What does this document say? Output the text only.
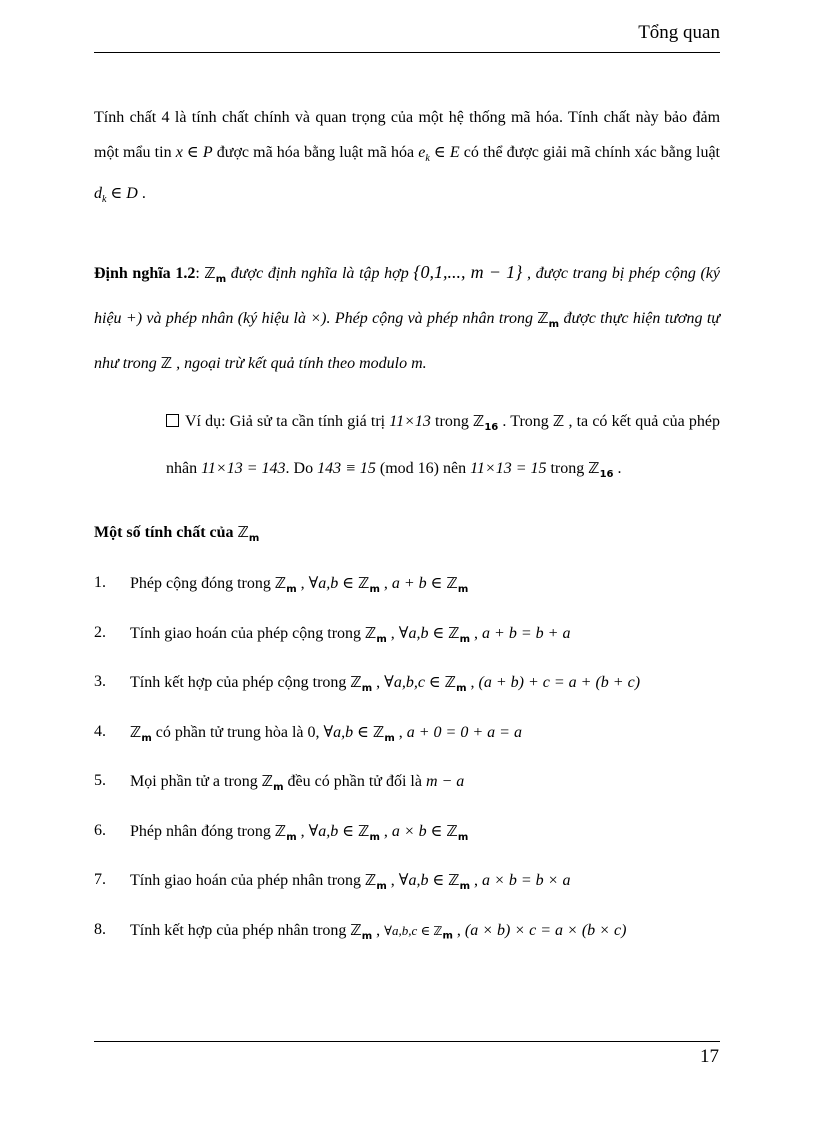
Tổng quan

Tính chất 4 là tính chất chính và quan trọng của một hệ thống mã hóa. Tính chất này bảo đảm một mẩu tin x ∈ P được mã hóa bằng luật mã hóa $e_k$ ∈ E có thể được giải mã chính xác bằng luật $d_k$ ∈ D .

Định nghĩa 1.2: ℤ$_m$ được định nghĩa là tập hợp {0,1,..., m − 1} , được trang bị phép cộng (ký hiệu +) và phép nhân (ký hiệu là ×). Phép cộng và phép nhân trong ℤ$_m$ được thực hiện tương tự như trong ℤ , ngoại trừ kết quả tính theo modulo m.

Ví dụ: Giả sử ta cần tính giá trị 11×13 trong ℤ$_{16}$ . Trong ℤ , ta có kết quả của phép nhân 11×13 = 143. Do 143 ≡ 15 (mod 16) nên 11×13 = 15 trong ℤ$_{16}$ .

Một số tính chất của ℤ$_m$
1.	Phép cộng đóng trong ℤ$_m$ , ∀a,b ∈ ℤ$_m$ , a + b ∈ ℤ$_m$
2.	Tính giao hoán của phép cộng trong ℤ$_m$ , ∀a,b ∈ ℤ$_m$ , a + b = b + a
3.	Tính kết hợp của phép cộng trong ℤ$_m$ , ∀a,b,c ∈ ℤ$_m$ , (a + b) + c = a + (b + c)
4.	ℤ$_m$ có phần tử trung hòa là 0, ∀a,b ∈ ℤ$_m$ , a + 0 = 0 + a = a
5.	Mọi phần tử a trong ℤ$_m$ đều có phần tử đối là m − a
6.	Phép nhân đóng trong ℤ$_m$ , ∀a,b ∈ ℤ$_m$ , a × b ∈ ℤ$_m$
7.	Tính giao hoán của phép nhân trong ℤ$_m$ , ∀a,b ∈ ℤ$_m$ , a × b = b × a
8.	Tính kết hợp của phép nhân trong ℤ$_m$ , ∀a,b,c ∈ ℤ$_m$ , (a × b) × c = a × (b × c)
17
